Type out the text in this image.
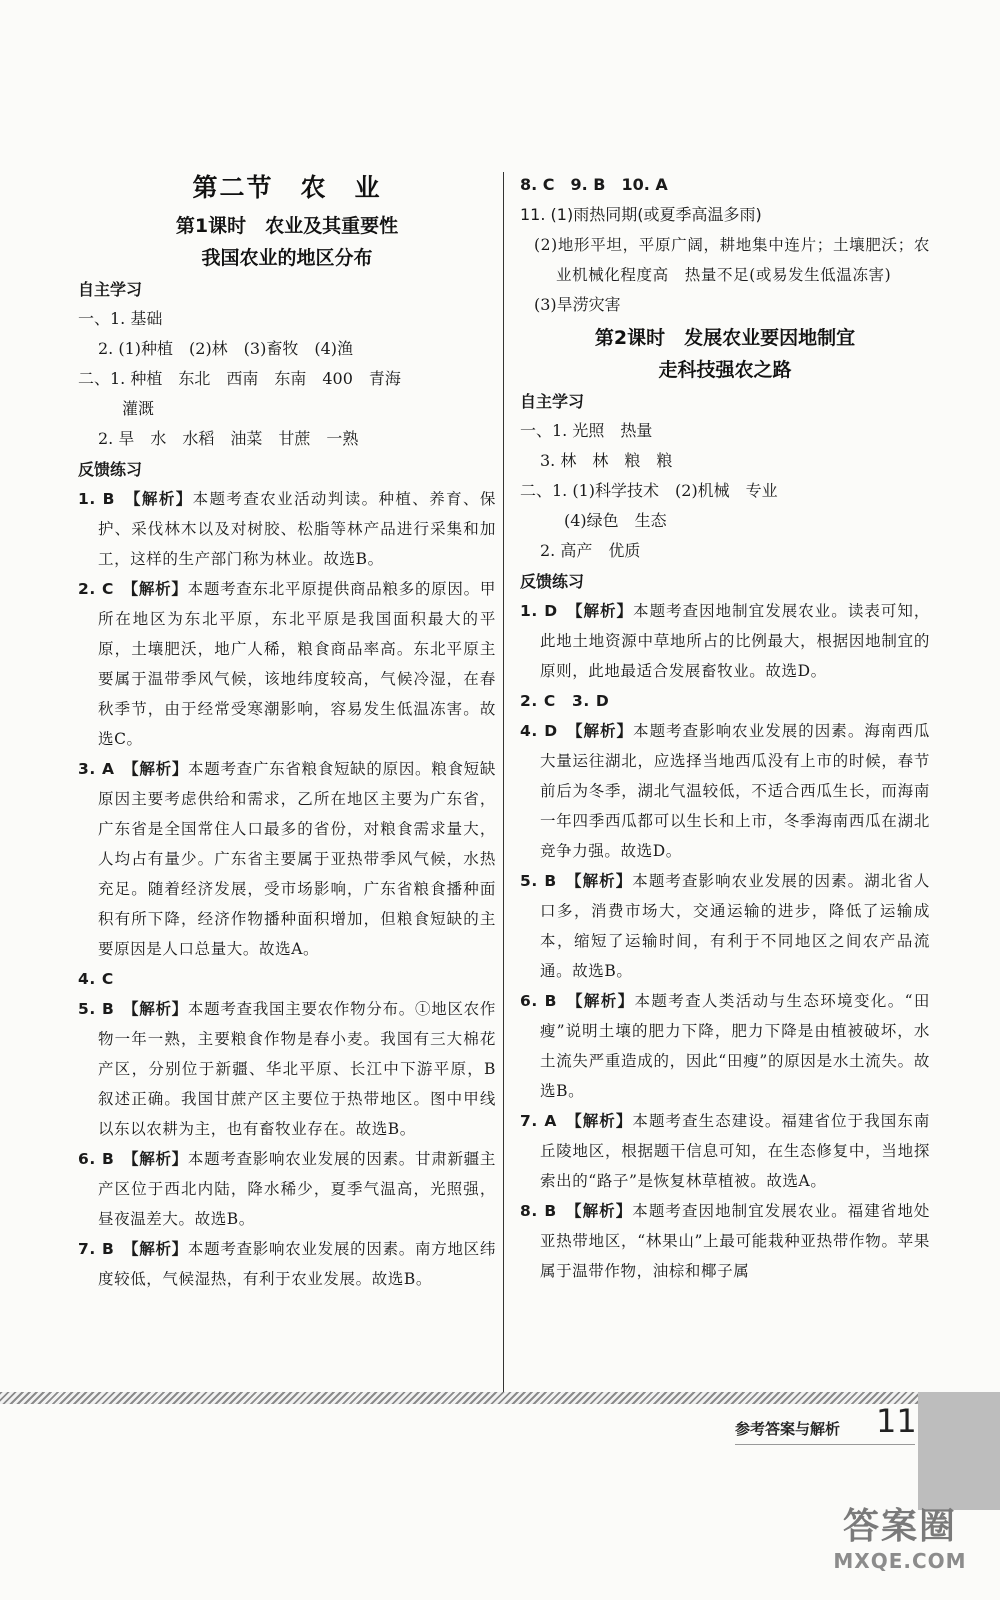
第二节　农　业
第1课时　农业及其重要性
我国农业的地区分布
自主学习
一、1. 基础
2. (1)种植　(2)林　(3)畜牧　(4)渔
二、1. 种植　东北　西南　东南　400　青海
灌溉
2. 旱　水　水稻　油菜　甘蔗　一熟
反馈练习
1. B　【解析】本题考查农业活动判读。种植、养育、保护、采伐林木以及对树胶、松脂等林产品进行采集和加工，这样的生产部门称为林业。故选B。
2. C　【解析】本题考查东北平原提供商品粮多的原因。甲所在地区为东北平原，东北平原是我国面积最大的平原，土壤肥沃，地广人稀，粮食商品率高。东北平原主要属于温带季风气候，该地纬度较高，气候冷湿，在春秋季节，由于经常受寒潮影响，容易发生低温冻害。故选C。
3. A　【解析】本题考查广东省粮食短缺的原因。粮食短缺原因主要考虑供给和需求，乙所在地区主要为广东省，广东省是全国常住人口最多的省份，对粮食需求量大，人均占有量少。广东省主要属于亚热带季风气候，水热充足。随着经济发展，受市场影响，广东省粮食播种面积有所下降，经济作物播种面积增加，但粮食短缺的主要原因是人口总量大。故选A。
4. C　
5. B　【解析】本题考查我国主要农作物分布。①地区农作物一年一熟，主要粮食作物是春小麦。我国有三大棉花产区，分别位于新疆、华北平原、长江中下游平原，B叙述正确。我国甘蔗产区主要位于热带地区。图中甲线以东以农耕为主，也有畜牧业存在。故选B。
6. B　【解析】本题考查影响农业发展的因素。甘肃新疆主产区位于西北内陆，降水稀少，夏季气温高，光照强，昼夜温差大。故选B。
7. B　【解析】本题考查影响农业发展的因素。南方地区纬度较低，气候湿热，有利于农业发展。故选B。
8. C　9. B　10. A
11. (1)雨热同期(或夏季高温多雨)
(2)地形平坦，平原广阔，耕地集中连片；土壤肥沃；农业机械化程度高　热量不足(或易发生低温冻害)
(3)旱涝灾害
第2课时　发展农业要因地制宜
走科技强农之路
自主学习
一、1. 光照　热量
3. 林　林　粮　粮
二、1. (1)科学技术　(2)机械　专业
(4)绿色　生态
2. 高产　优质
反馈练习
1. D　【解析】本题考查因地制宜发展农业。读表可知，此地土地资源中草地所占的比例最大，根据因地制宜的原则，此地最适合发展畜牧业。故选D。
2. C　3. D　
4. D　【解析】本题考查影响农业发展的因素。海南西瓜大量运往湖北，应选择当地西瓜没有上市的时候，春节前后为冬季，湖北气温较低，不适合西瓜生长，而海南一年四季西瓜都可以生长和上市，冬季海南西瓜在湖北竞争力强。故选D。
5. B　【解析】本题考查影响农业发展的因素。湖北省人口多，消费市场大，交通运输的进步，降低了运输成本，缩短了运输时间，有利于不同地区之间农产品流通。故选B。
6. B　【解析】本题考查人类活动与生态环境变化。“田瘦”说明土壤的肥力下降，肥力下降是由植被破坏，水土流失严重造成的，因此“田瘦”的原因是水土流失。故选B。
7. A　【解析】本题考查生态建设。福建省位于我国东南丘陵地区，根据题干信息可知，在生态修复中，当地探索出的“路子”是恢复林草植被。故选A。
8. B　【解析】本题考查因地制宜发展农业。福建省地处亚热带地区，“林果山”上最可能栽种亚热带作物。苹果属于温带作物，油棕和椰子属
参考答案与解析 11
答案圈
MXQE.COM
